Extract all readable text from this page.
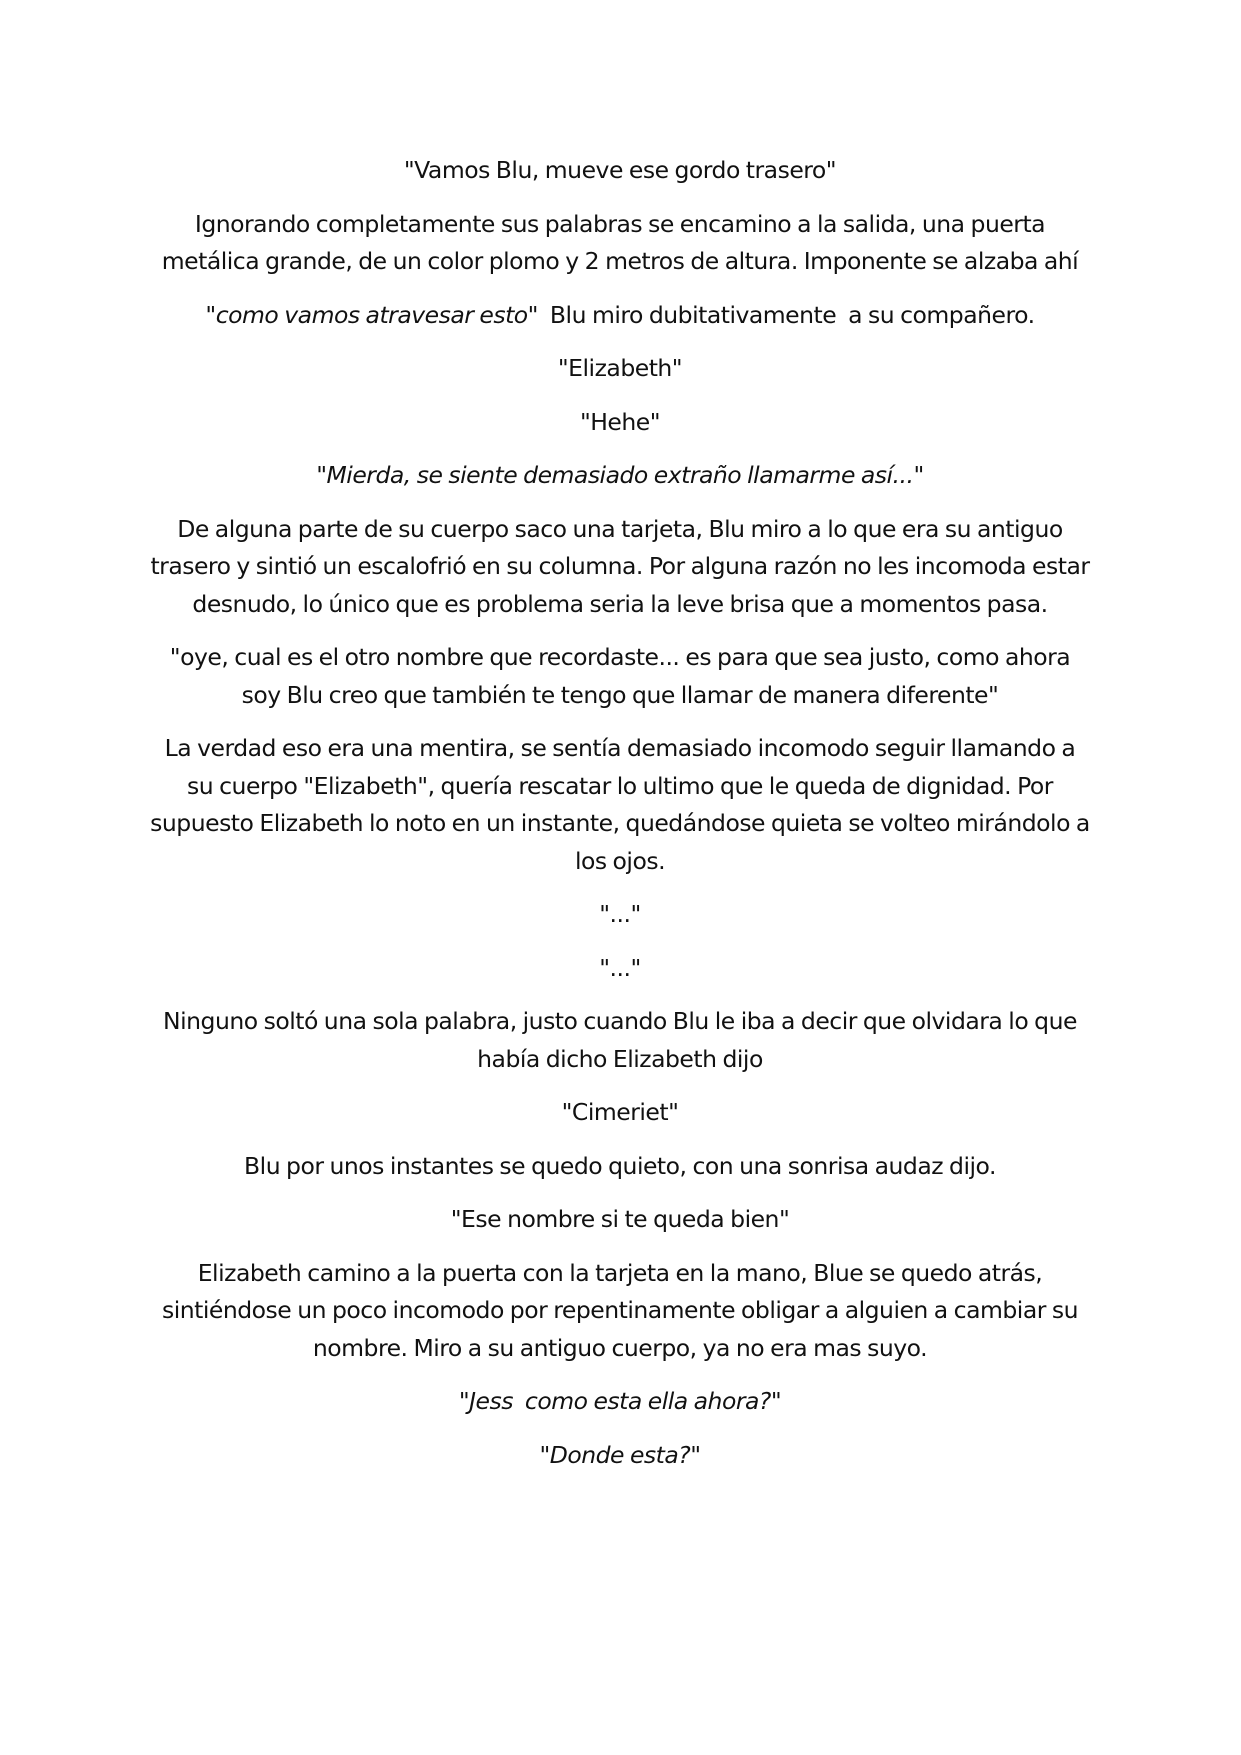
"Vamos Blu, mueve ese gordo trasero"

Ignorando completamente sus palabras se encamino a la salida, una puerta metálica grande, de un color plomo y 2 metros de altura. Imponente se alzaba ahí

"como vamos atravesar esto"  Blu miro dubitativamente  a su compañero.

"Elizabeth"

"Hehe"

"Mierda, se siente demasiado extraño llamarme así..."

De alguna parte de su cuerpo saco una tarjeta, Blu miro a lo que era su antiguo trasero y sintió un escalofrió en su columna. Por alguna razón no les incomoda estar desnudo, lo único que es problema seria la leve brisa que a momentos pasa.

"oye, cual es el otro nombre que recordaste... es para que sea justo, como ahora soy Blu creo que también te tengo que llamar de manera diferente"

La verdad eso era una mentira, se sentía demasiado incomodo seguir llamando a su cuerpo "Elizabeth", quería rescatar lo ultimo que le queda de dignidad. Por supuesto Elizabeth lo noto en un instante, quedándose quieta se volteo mirándolo a los ojos.

"..."

"..."

Ninguno soltó una sola palabra, justo cuando Blu le iba a decir que olvidara lo que había dicho Elizabeth dijo

"Cimeriet"

Blu por unos instantes se quedo quieto, con una sonrisa audaz dijo.

"Ese nombre si te queda bien"

Elizabeth camino a la puerta con la tarjeta en la mano, Blue se quedo atrás, sintiéndose un poco incomodo por repentinamente obligar a alguien a cambiar su nombre. Miro a su antiguo cuerpo, ya no era mas suyo.

"Jess  como esta ella ahora?"

"Donde esta?"
